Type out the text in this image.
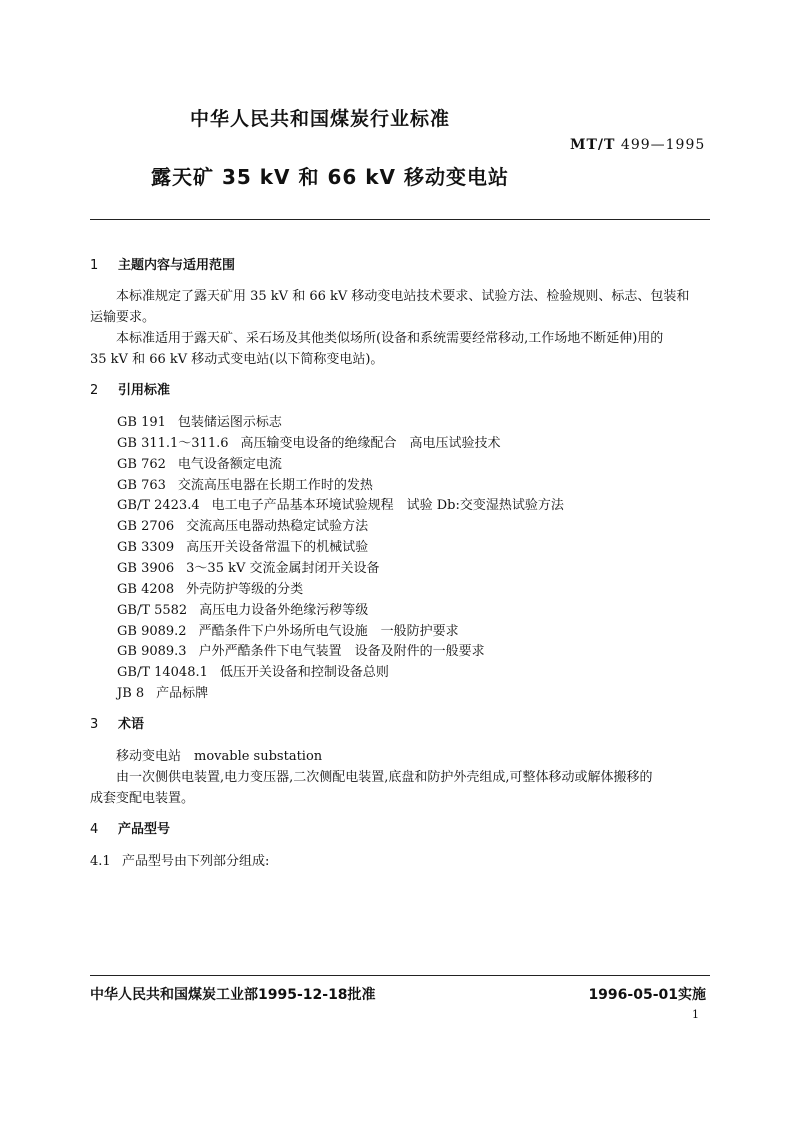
中华人民共和国煤炭行业标准
MT/T 499—1995
露天矿 35 kV 和 66 kV 移动变电站
1 主题内容与适用范围
本标准规定了露天矿用 35 kV 和 66 kV 移动变电站技术要求、试验方法、检验规则、标志、包装和
运输要求。
本标准适用于露天矿、采石场及其他类似场所(设备和系统需要经常移动,工作场地不断延伸)用的
35 kV 和 66 kV 移动式变电站(以下简称变电站)。
2 引用标准
GB 191 包装储运图示标志
GB 311.1～311.6 高压输变电设备的绝缘配合　高电压试验技术
GB 762 电气设备额定电流
GB 763 交流高压电器在长期工作时的发热
GB/T 2423.4 电工电子产品基本环境试验规程　试验 Db:交变湿热试验方法
GB 2706 交流高压电器动热稳定试验方法
GB 3309 高压开关设备常温下的机械试验
GB 3906 3～35 kV 交流金属封闭开关设备
GB 4208 外壳防护等级的分类
GB/T 5582 高压电力设备外绝缘污秽等级
GB 9089.2 严酷条件下户外场所电气设施　一般防护要求
GB 9089.3 户外严酷条件下电气装置　设备及附件的一般要求
GB/T 14048.1 低压开关设备和控制设备总则
JB 8 产品标牌
3 术语
移动变电站　movable substation
由一次侧供电装置,电力变压器,二次侧配电装置,底盘和防护外壳组成,可整体移动或解体搬移的
成套变配电装置。
4 产品型号
4.1 产品型号由下列部分组成:
中华人民共和国煤炭工业部1995-12-18批准	1996-05-01实施
1
